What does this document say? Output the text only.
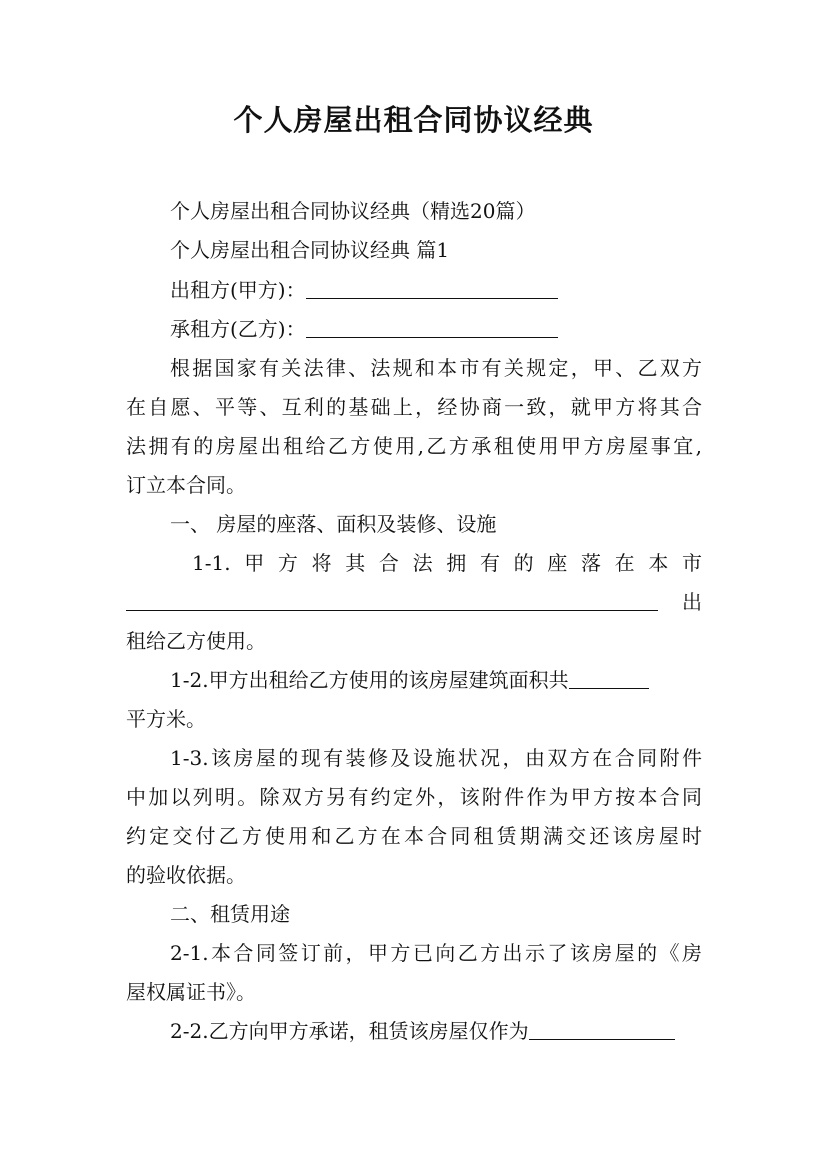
个人房屋出租合同协议经典
个人房屋出租合同协议经典（精选20篇）
个人房屋出租合同协议经典 篇1
出租方(甲方)：
承租方(乙方)：
根据国家有关法律、法规和本市有关规定，甲、乙双方
在自愿、平等、互利的基础上，经协商一致，就甲方将其合
法拥有的房屋出租给乙方使用,乙方承租使用甲方房屋事宜,
订立本合同。
一、 房屋的座落、面积及装修、设施
1-1.甲方将其合法拥有的座落在本市
出
租给乙方使用。
1-2.甲方出租给乙方使用的该房屋建筑面积共
平方米。
1-3.该房屋的现有装修及设施状况，由双方在合同附件
中加以列明。除双方另有约定外，该附件作为甲方按本合同
约定交付乙方使用和乙方在本合同租赁期满交还该房屋时
的验收依据。
二、租赁用途
2-1.本合同签订前，甲方已向乙方出示了该房屋的《房
屋权属证书》。
2-2.乙方向甲方承诺，租赁该房屋仅作为
